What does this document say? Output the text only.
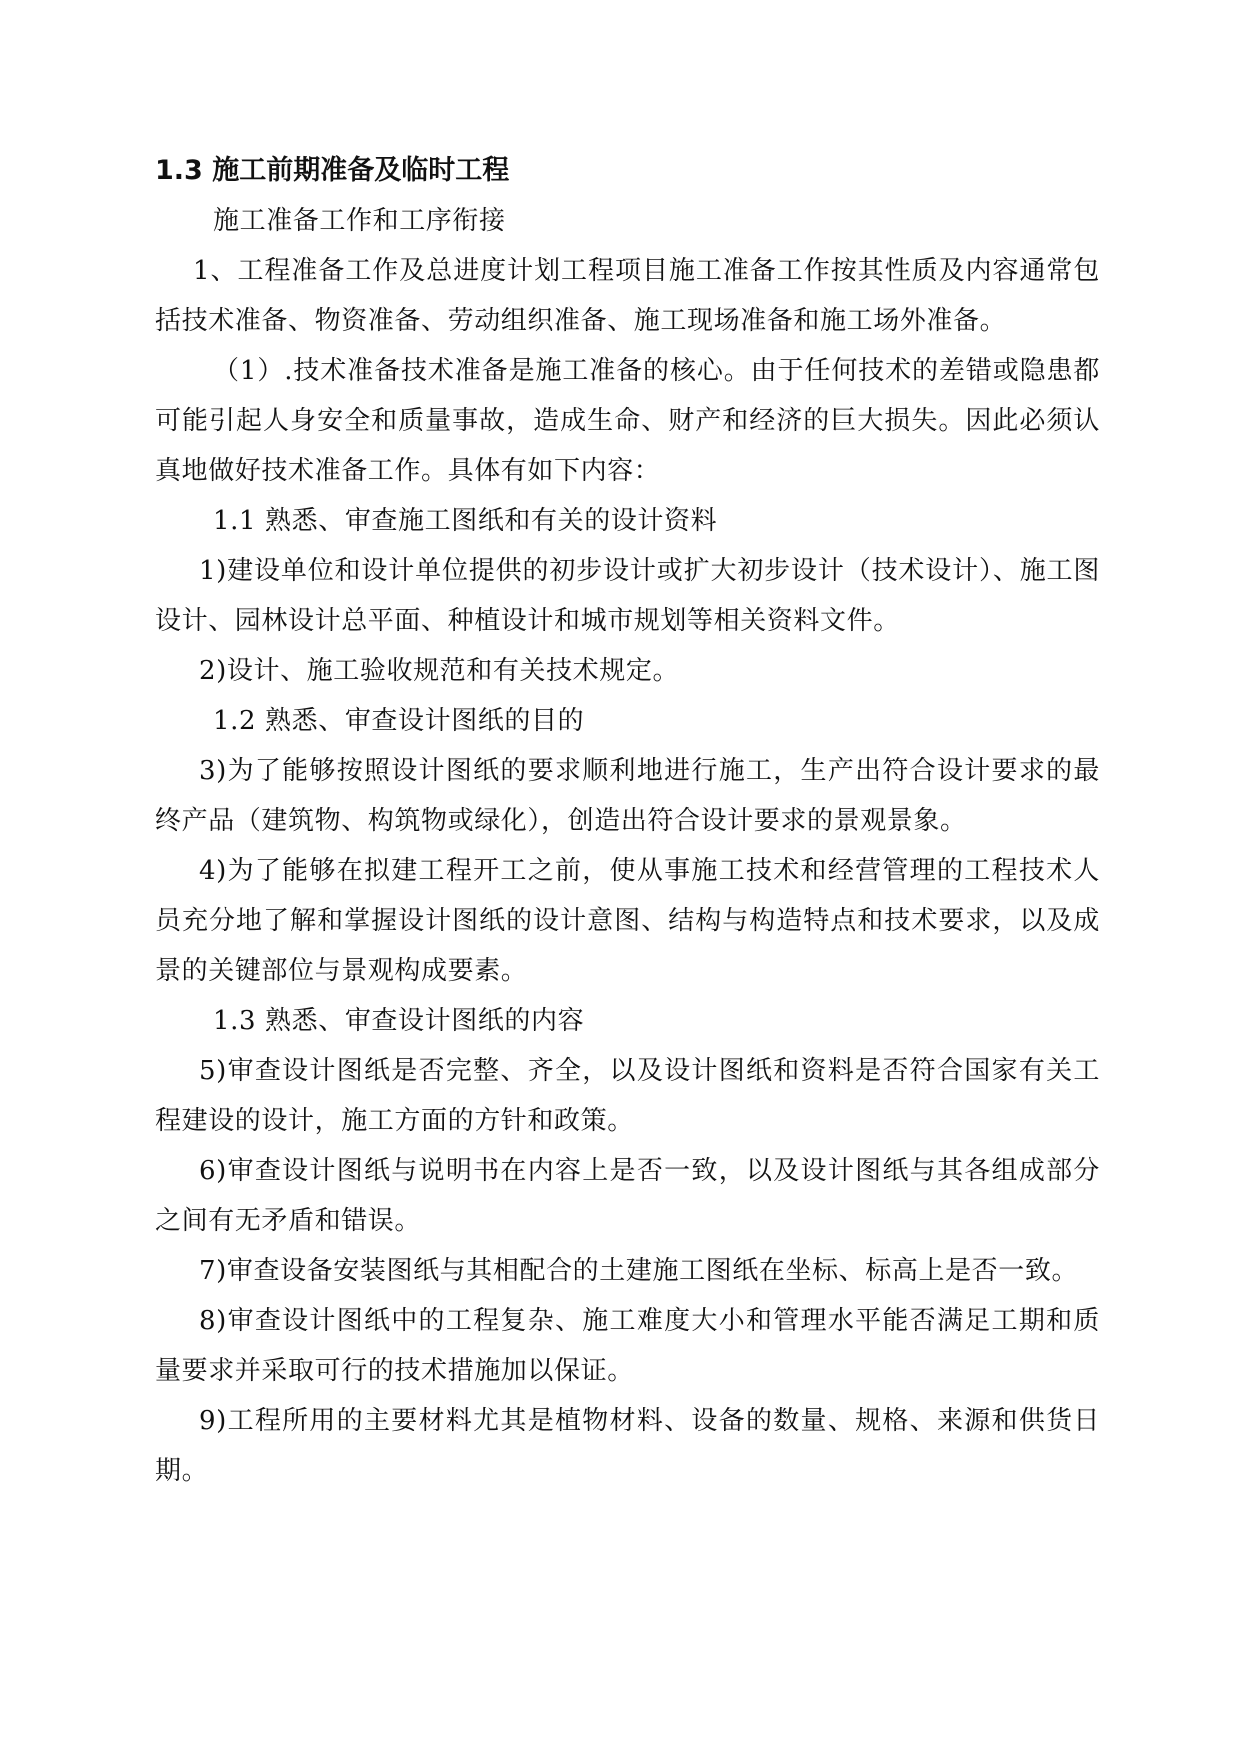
1.3 施工前期准备及临时工程

施工准备工作和工序衔接

1、工程准备工作及总进度计划工程项目施工准备工作按其性质及内容通常包括技术准备、物资准备、劳动组织准备、施工现场准备和施工场外准备。

（1）.技术准备技术准备是施工准备的核心。由于任何技术的差错或隐患都可能引起人身安全和质量事故，造成生命、财产和经济的巨大损失。因此必须认真地做好技术准备工作。具体有如下内容：

1.1 熟悉、审查施工图纸和有关的设计资料

1)建设单位和设计单位提供的初步设计或扩大初步设计（技术设计）、施工图设计、园林设计总平面、种植设计和城市规划等相关资料文件。

2)设计、施工验收规范和有关技术规定。

1.2 熟悉、审查设计图纸的目的

3)为了能够按照设计图纸的要求顺利地进行施工，生产出符合设计要求的最终产品（建筑物、构筑物或绿化），创造出符合设计要求的景观景象。

4)为了能够在拟建工程开工之前，使从事施工技术和经营管理的工程技术人员充分地了解和掌握设计图纸的设计意图、结构与构造特点和技术要求，以及成景的关键部位与景观构成要素。

1.3 熟悉、审查设计图纸的内容

5)审查设计图纸是否完整、齐全，以及设计图纸和资料是否符合国家有关工程建设的设计，施工方面的方针和政策。

6)审查设计图纸与说明书在内容上是否一致，以及设计图纸与其各组成部分之间有无矛盾和错误。

7)审查设备安装图纸与其相配合的土建施工图纸在坐标、标高上是否一致。

8)审查设计图纸中的工程复杂、施工难度大小和管理水平能否满足工期和质量要求并采取可行的技术措施加以保证。

9)工程所用的主要材料尤其是植物材料、设备的数量、规格、来源和供货日期。
